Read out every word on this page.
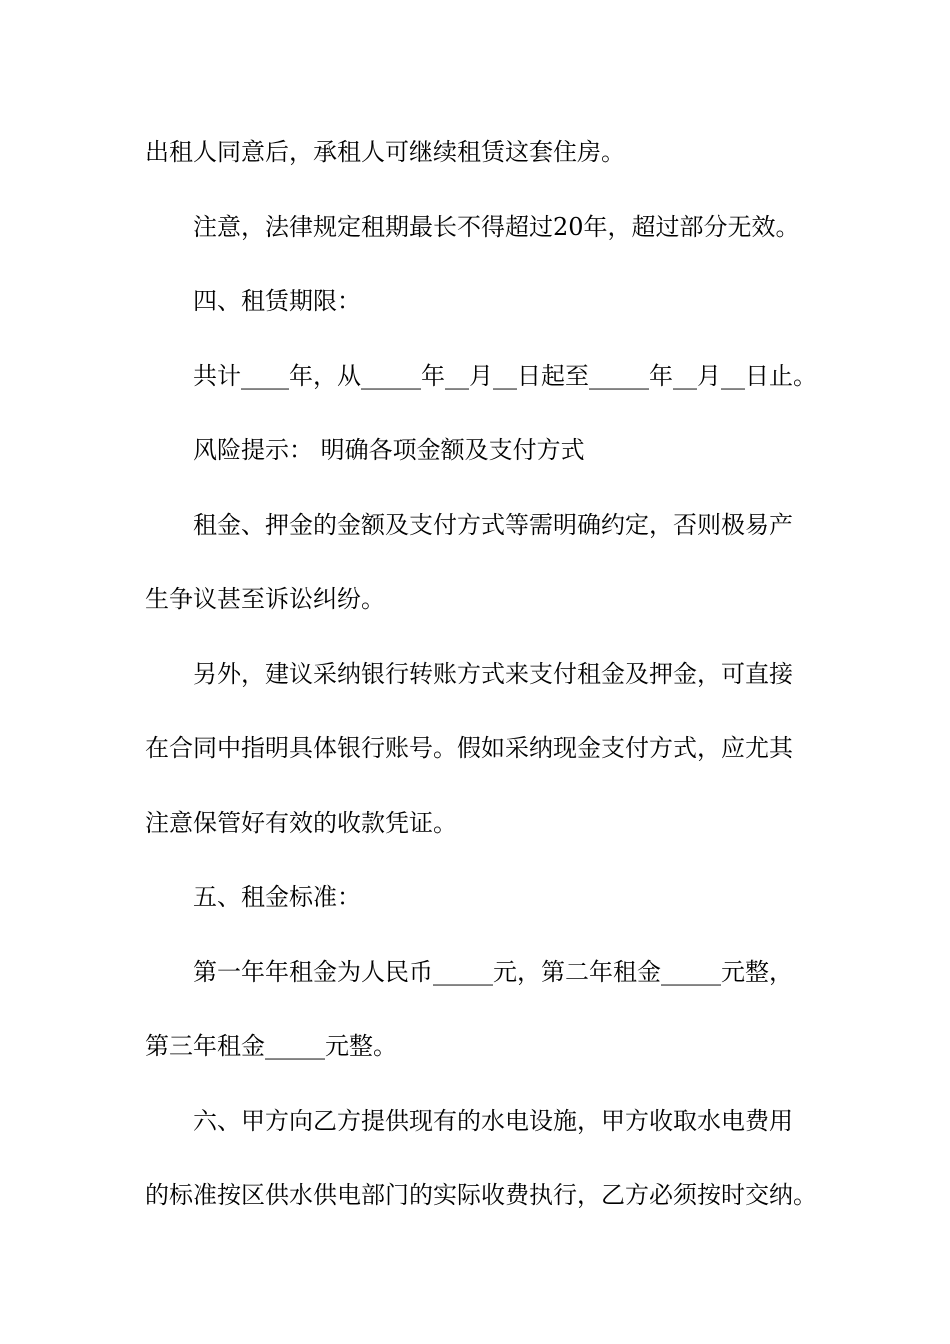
出租人同意后，承租人可继续租赁这套住房。
注意，法律规定租期最长不得超过20年，超过部分无效。
四、租赁期限：
共计____年，从_____年__月__日起至_____年__月__日止。
风险提示： 明确各项金额及支付方式
租金、押金的金额及支付方式等需明确约定，否则极易产
生争议甚至诉讼纠纷。
另外，建议采纳银行转账方式来支付租金及押金，可直接
在合同中指明具体银行账号。假如采纳现金支付方式，应尤其
注意保管好有效的收款凭证。
五、租金标准：
第一年年租金为人民币_____元，第二年租金_____元整，
第三年租金_____元整。
六、甲方向乙方提供现有的水电设施，甲方收取水电费用
的标准按区供水供电部门的实际收费执行，乙方必须按时交纳。
